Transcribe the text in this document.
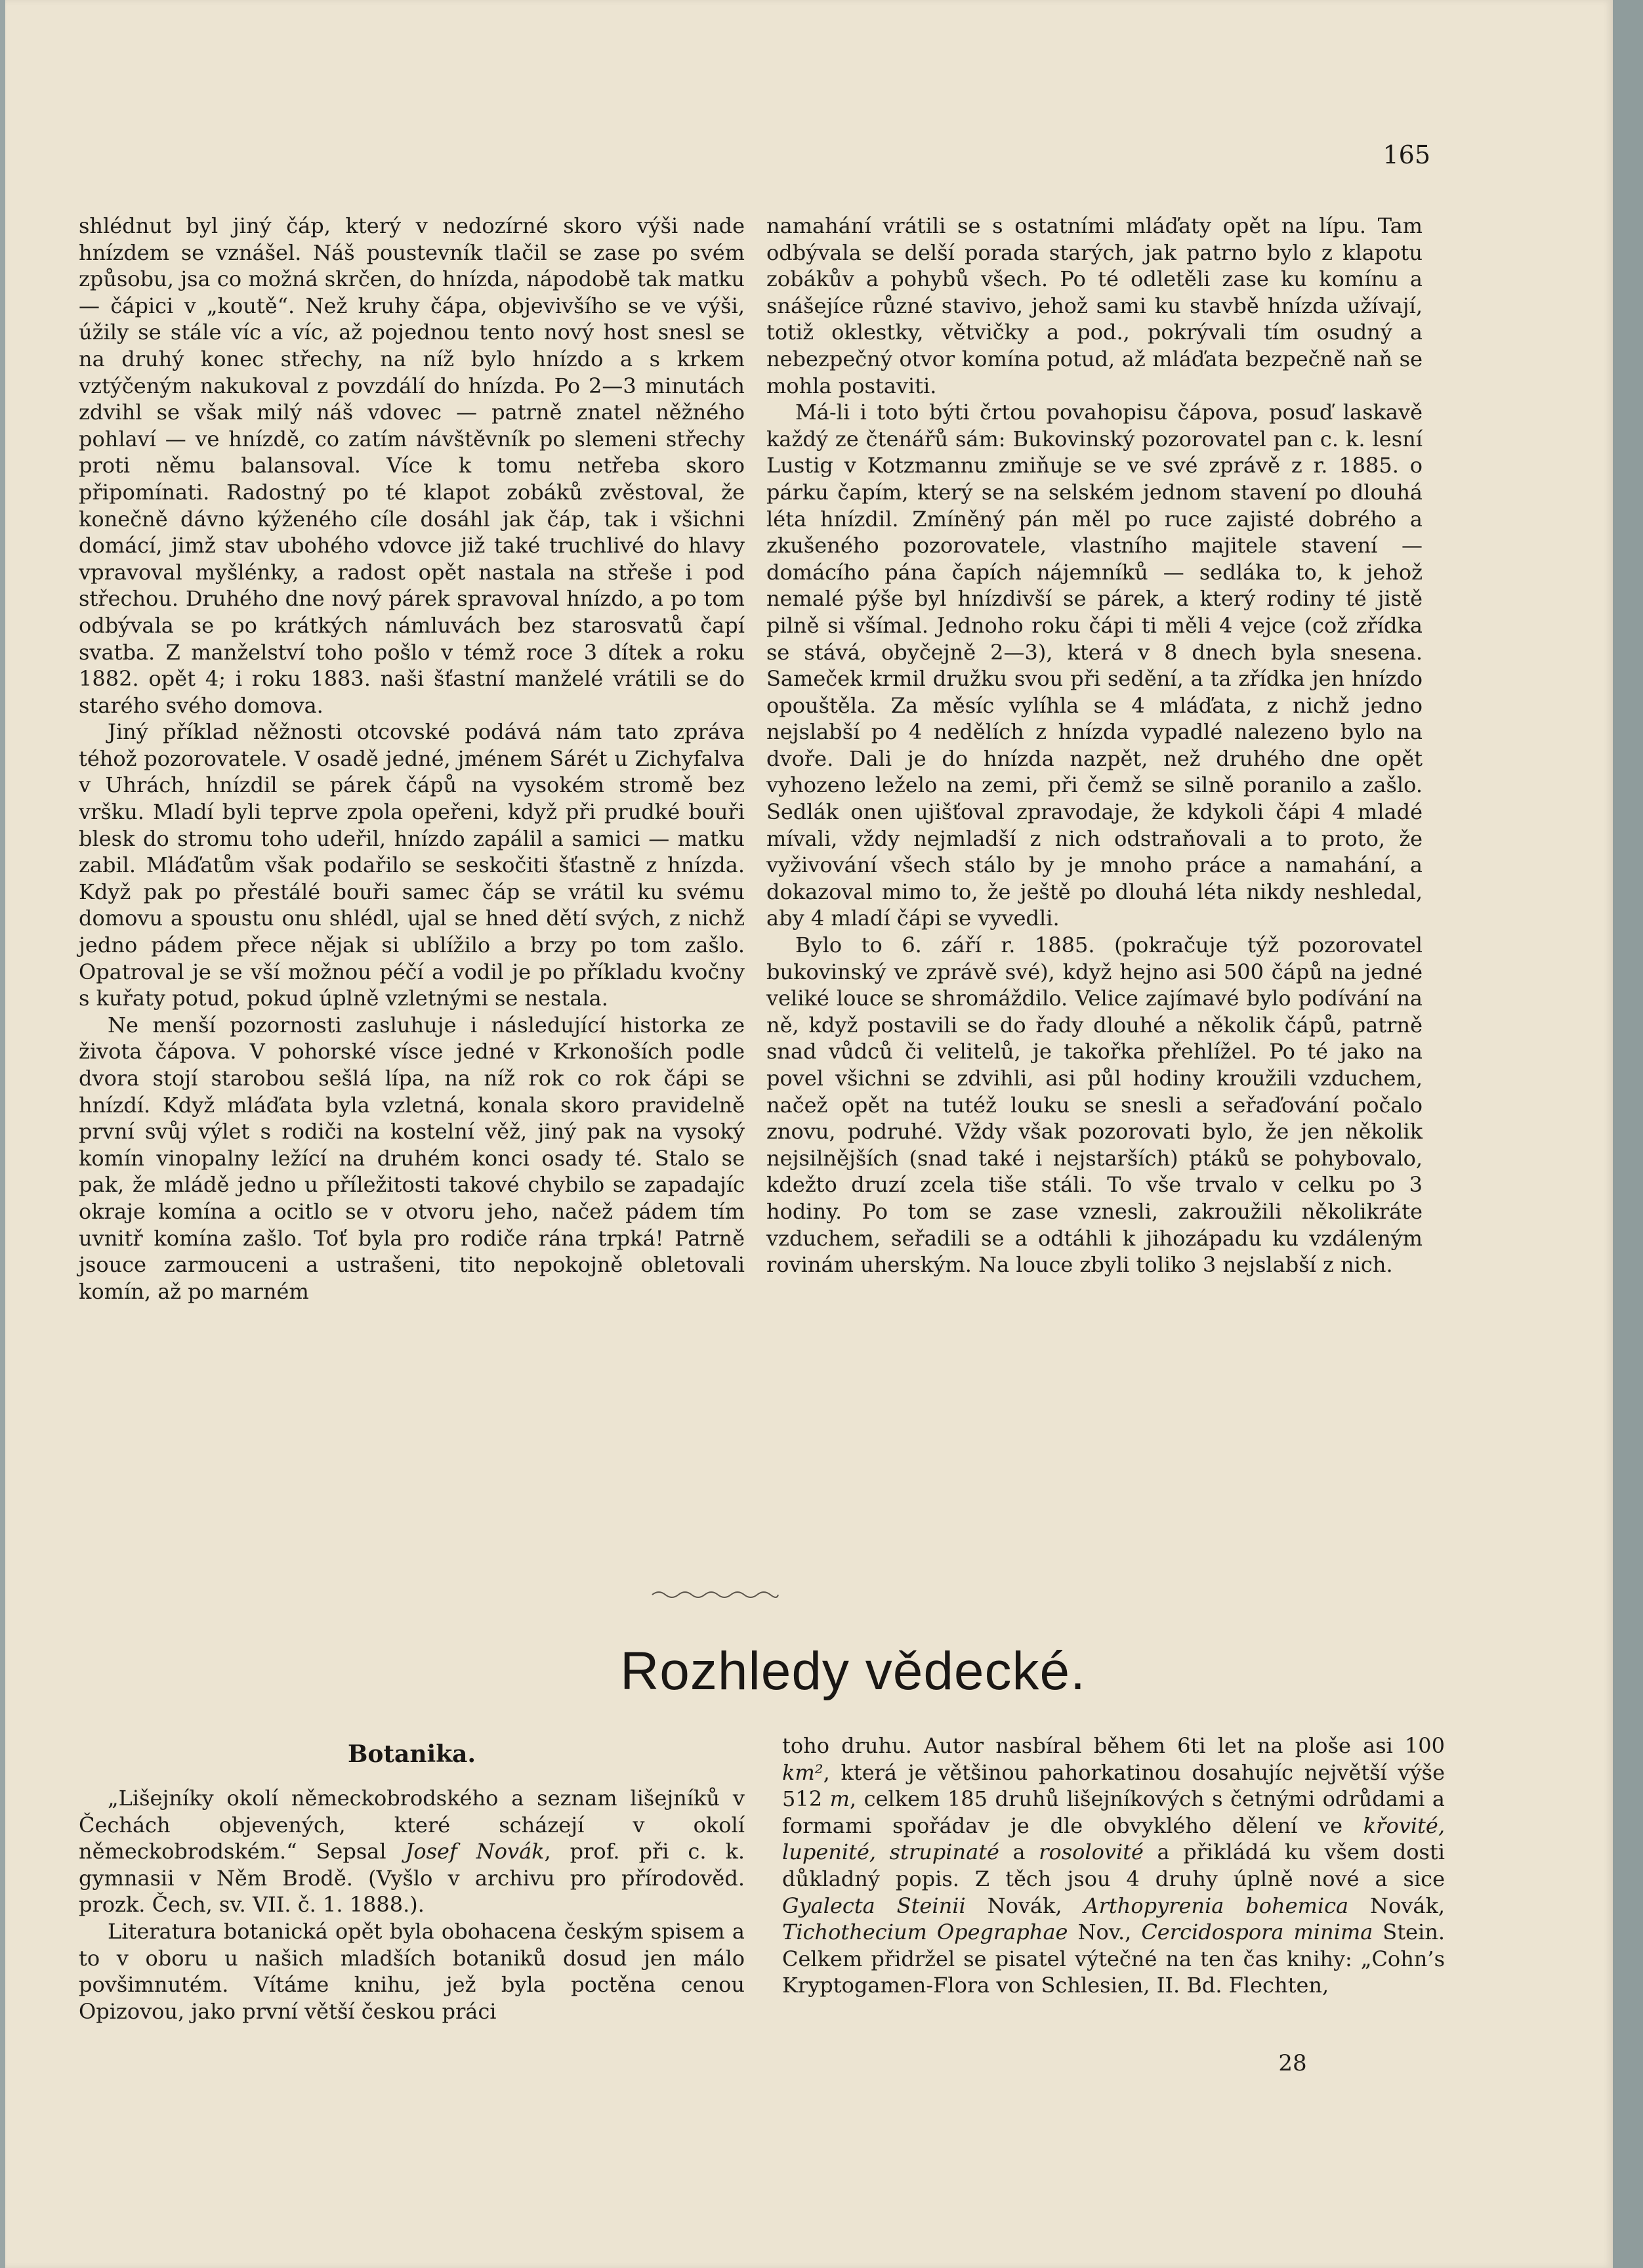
165

shlédnut byl jiný čáp, který v nedozírné skoro výši nade hnízdem se vznášel. Náš poustevník tlačil se zase po svém způsobu, jsa co možná skrčen, do hnízda, nápodobě tak matku — čápici v „koutě“. Než kruhy čápa, objevivšího se ve výši, úžily se stále víc a víc, až pojednou tento nový host snesl se na druhý konec střechy, na níž bylo hnízdo a s krkem vztýčeným nakukoval z povzdálí do hnízda. Po 2—3 minutách zdvihl se však milý náš vdovec — patrně znatel něžného pohlaví — ve hnízdě, co zatím návštěvník po slemeni střechy proti němu balansoval. Více k tomu netřeba skoro připomínati. Radostný po té klapot zobáků zvěstoval, že konečně dávno kýženého cíle dosáhl jak čáp, tak i všichni domácí, jimž stav ubohého vdovce již také truchlivé do hlavy vpravoval myšlénky, a radost opět nastala na střeše i pod střechou. Druhého dne nový párek spravoval hnízdo, a po tom odbývala se po krátkých námluvách bez starosvatů čapí svatba. Z manželství toho pošlo v témž roce 3 dítek a roku 1882. opět 4; i roku 1883. naši šťastní manželé vrátili se do starého svého domova.

Jiný příklad něžnosti otcovské podává nám tato zpráva téhož pozorovatele. V osadě jedné, jménem Sárét u Zichyfalva v Uhrách, hnízdil se párek čápů na vysokém stromě bez vršku. Mladí byli teprve zpola opeřeni, když při prudké bouři blesk do stromu toho udeřil, hnízdo zapálil a samici — matku zabil. Mláďatům však podařilo se seskočiti šťastně z hnízda. Když pak po přestálé bouři samec čáp se vrátil ku svému domovu a spoustu onu shlédl, ujal se hned dětí svých, z nichž jedno pádem přece nějak si ublížilo a brzy po tom zašlo. Opatroval je se vší možnou péčí a vodil je po příkladu kvočny s kuřaty potud, pokud úplně vzletnými se nestala.

Ne menší pozornosti zasluhuje i následující historka ze života čápova. V pohorské vísce jedné v Krkonoších podle dvora stojí starobou sešlá lípa, na níž rok co rok čápi se hnízdí. Když mláďata byla vzletná, konala skoro pravidelně první svůj výlet s rodiči na kostelní věž, jiný pak na vysoký komín vinopalny ležící na druhém konci osady té. Stalo se pak, že mládě jedno u příležitosti takové chybilo se zapadajíc okraje komína a ocitlo se v otvoru jeho, načež pádem tím uvnitř komína zašlo. Toť byla pro rodiče rána trpká! Patrně jsouce zarmouceni a ustrašeni, tito nepokojně obletovali komín, až po marném

namahání vrátili se s ostatními mláďaty opět na lípu. Tam odbývala se delší porada starých, jak patrno bylo z klapotu zobákův a pohybů všech. Po té odletěli zase ku komínu a snášejíce různé stavivo, jehož sami ku stavbě hnízda užívají, totiž oklestky, větvičky a pod., pokrývali tím osudný a nebezpečný otvor komína potud, až mláďata bezpečně naň se mohla postaviti.

Má-li i toto býti črtou povahopisu čápova, posuď laskavě každý ze čtenářů sám: Bukovinský pozorovatel pan c. k. lesní Lustig v Kotzmannu zmiňuje se ve své zprávě z r. 1885. o párku čapím, který se na selském jednom stavení po dlouhá léta hnízdil. Zmíněný pán měl po ruce zajisté dobrého a zkušeného pozorovatele, vlastního majitele stavení — domácího pána čapích nájemníků — sedláka to, k jehož nemalé pýše byl hnízdivší se párek, a který rodiny té jistě pilně si všímal. Jednoho roku čápi ti měli 4 vejce (což zřídka se stává, obyčejně 2—3), která v 8 dnech byla snesena. Sameček krmil družku svou při sedění, a ta zřídka jen hnízdo opouštěla. Za měsíc vylíhla se 4 mláďata, z nichž jedno nejslabší po 4 nedělích z hnízda vypadlé nalezeno bylo na dvoře. Dali je do hnízda nazpět, než druhého dne opět vyhozeno leželo na zemi, při čemž se silně poranilo a zašlo. Sedlák onen ujišťoval zpravodaje, že kdykoli čápi 4 mladé mívali, vždy nejmladší z nich odstraňovali a to proto, že vyživování všech stálo by je mnoho práce a namahání, a dokazoval mimo to, že ještě po dlouhá léta nikdy neshledal, aby 4 mladí čápi se vyvedli.

Bylo to 6. září r. 1885. (pokračuje týž pozorovatel bukovinský ve zprávě své), když hejno asi 500 čápů na jedné veliké louce se shromáždilo. Velice zajímavé bylo podívání na ně, když postavili se do řady dlouhé a několik čápů, patrně snad vůdců či velitelů, je takořka přehlížel. Po té jako na povel všichni se zdvihli, asi půl hodiny kroužili vzduchem, načež opět na tutéž louku se snesli a seřaďování počalo znovu, podruhé. Vždy však pozorovati bylo, že jen několik nejsilnějších (snad také i nejstarších) ptáků se pohybovalo, kdežto druzí zcela tiše stáli. To vše trvalo v celku po 3 hodiny. Po tom se zase vznesli, zakroužili několikráte vzduchem, seřadili se a odtáhli k jihozápadu ku vzdáleným rovinám uherským. Na louce zbyli toliko 3 nejslabší z nich.

Rozhledy vědecké.
Botanika.

„Lišejníky okolí německobrodského a seznam lišejníků v Čechách objevených, které scházejí v okolí německobrodském.“ Sepsal Josef Novák, prof. při c. k. gymnasii v Něm Brodě. (Vyšlo v archivu pro přírodověd. prozk. Čech, sv. VII. č. 1. 1888.).

Literatura botanická opět byla obohacena českým spisem a to v oboru u našich mladších botaniků dosud jen málo povšimnutém. Vítáme knihu, jež byla poctěna cenou Opizovou, jako první větší českou práci

toho druhu. Autor nasbíral během 6ti let na ploše asi 100 km², která je většinou pahorkatinou dosahujíc největší výše 512 m, celkem 185 druhů lišejníkových s četnými odrůdami a formami spořádav je dle obvyklého dělení ve křovité, lupenité, strupinaté a rosolovité a přikládá ku všem dosti důkladný popis. Z těch jsou 4 druhy úplně nové a sice Gyalecta Steinii Novák, Arthopyrenia bohemica Novák, Tichothecium Opegraphae Nov., Cercidospora minima Stein. Celkem přidržel se pisatel výtečné na ten čas knihy: „Cohn’s Kryptogamen-Flora von Schlesien, II. Bd. Flechten,

28
